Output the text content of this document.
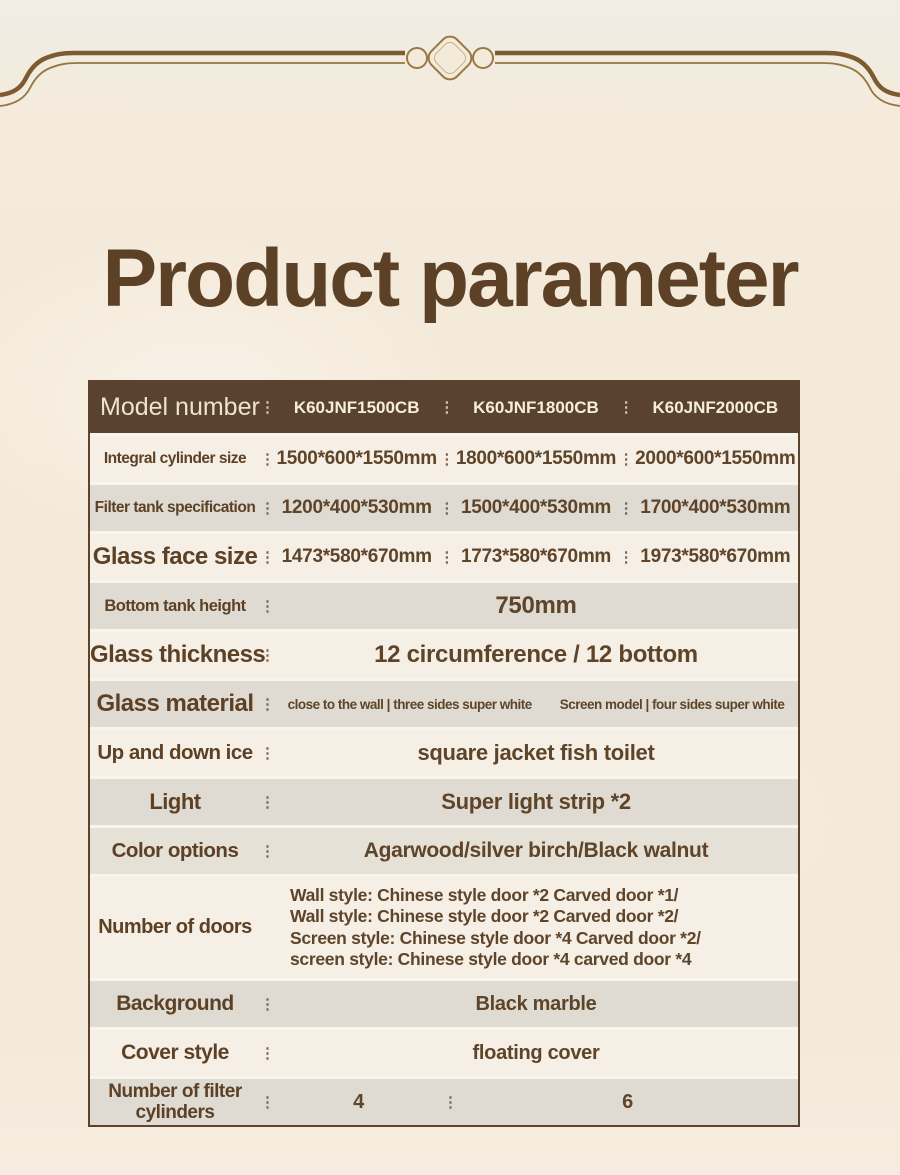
Product parameter
Model number ⋮	K60JNF1500CB ⋮	K60JNF1800CB ⋮	K60JNF2000CB
Integral cylinder size ⋮	1500*600*1550mm ⋮ 1800*600*1550mm ⋮ 2000*600*1550mm
Filter tank specification ⋮	1200*400*530mm ⋮	1500*400*530mm ⋮	1700*400*530mm
Glass face size ⋮	1473*580*670mm ⋮	1773*580*670mm ⋮	1973*580*670mm
Bottom tank height ⋮	750mm
Glass thickness ⋮	12 circumference / 12 bottom
Glass material ⋮	close to the wall | three sides super white Screen model | four sides super white
Up and down ice ⋮	square jacket fish toilet
Light ⋮	Super light strip *2
Color options ⋮	Agarwood/silver birch/Black walnut
Number of doors
Wall style: Chinese style door *2 Carved door *1/
Wall style: Chinese style door *2 Carved door *2/
Screen style: Chinese style door *4 Carved door *2/
screen style: Chinese style door *4 carved door *4
Background ⋮	Black marble
Cover style ⋮	floating cover
Number of filter cylinders ⋮	4 ⋮	6
